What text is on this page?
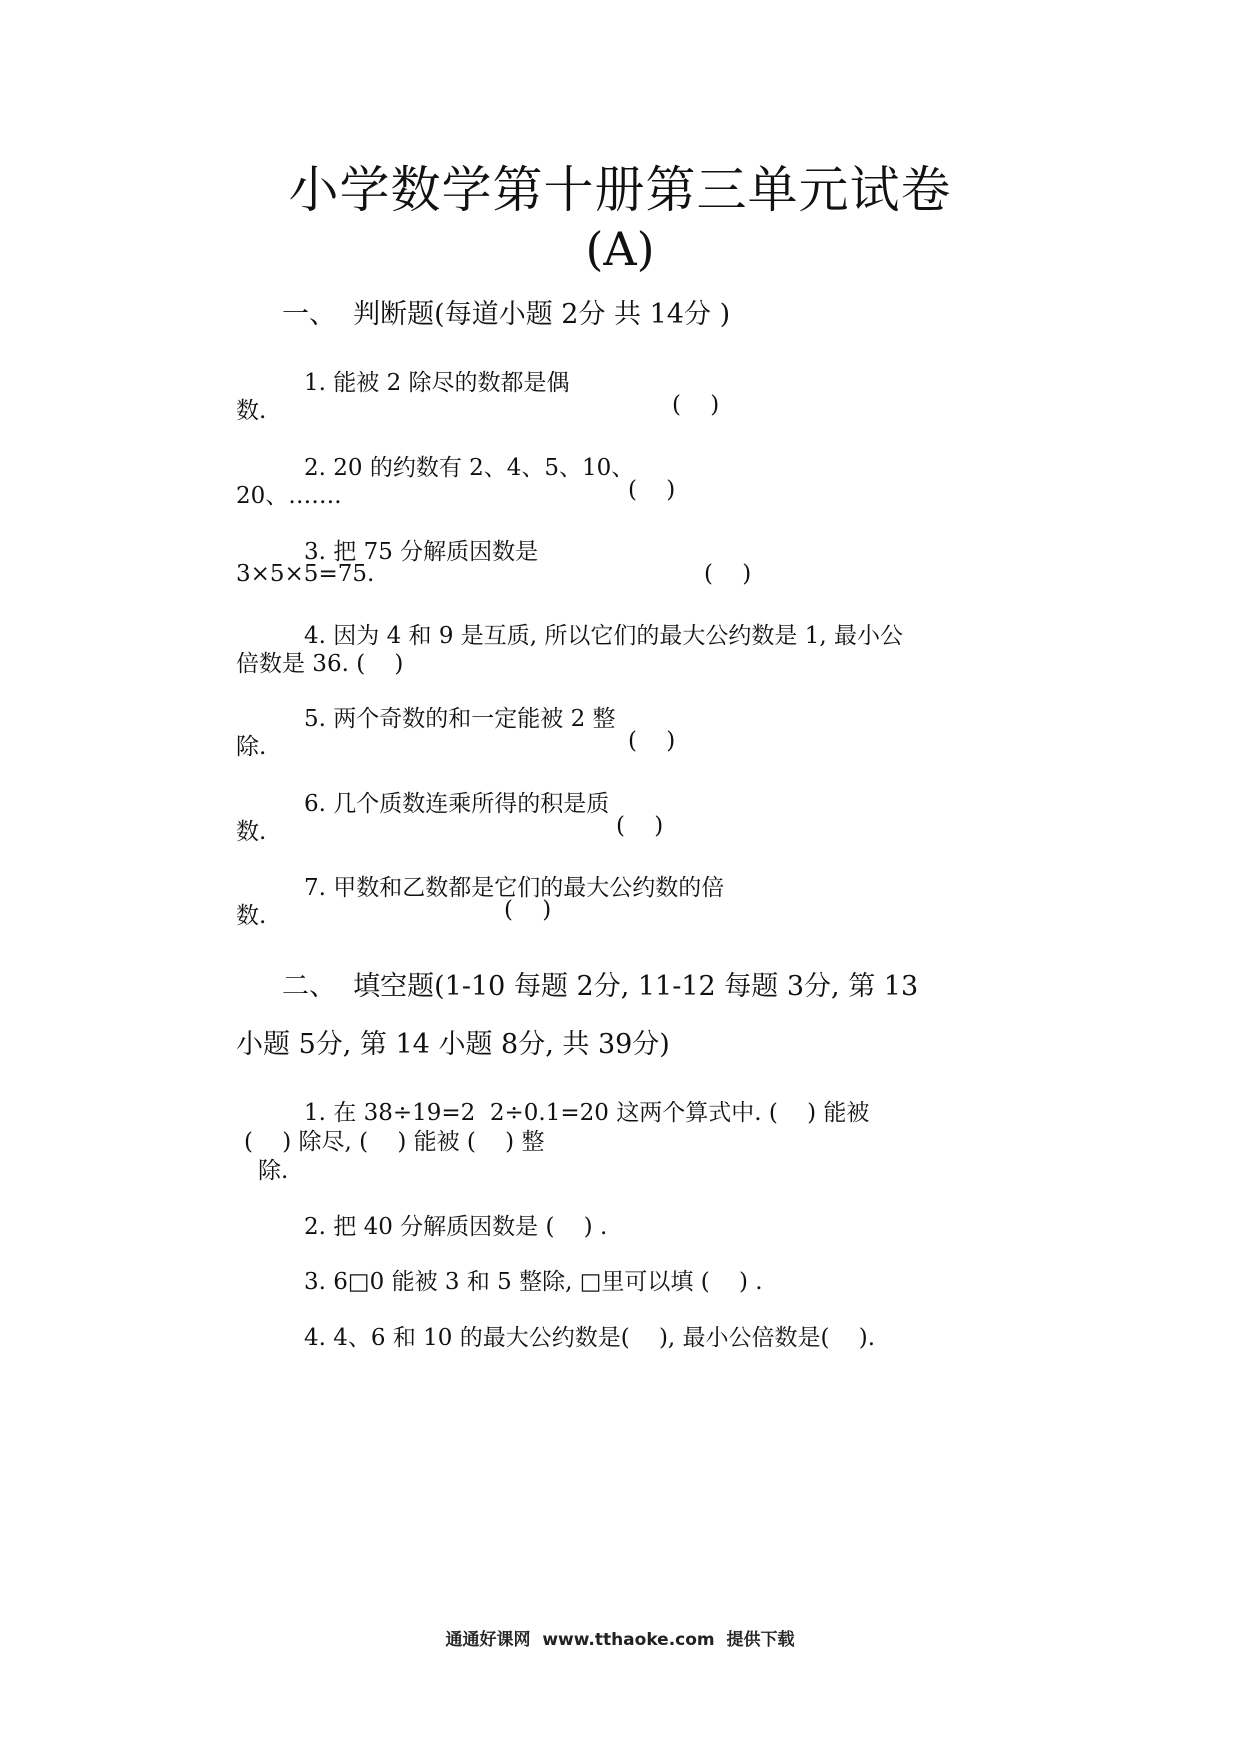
小学数学第十册第三单元试卷
(A)
一、  判断题(每道小题 2分 共 14分 )
1. 能被 2 除尽的数都是偶
数.	(    )
2. 20 的约数有 2、4、5、10、
20、…….	(    )
3. 把 75 分解质因数是
3×5×5=75.	(    )
4. 因为 4 和 9 是互质, 所以它们的最大公约数是 1, 最小公
倍数是 36. (    )
5. 两个奇数的和一定能被 2 整
除.	(    )
6. 几个质数连乘所得的积是质
数.	(    )
7. 甲数和乙数都是它们的最大公约数的倍
数.	(    )
二、  填空题(1-10 每题 2分, 11-12 每题 3分, 第 13
小题 5分, 第 14 小题 8分, 共 39分)
1. 在 38÷19=2  2÷0.1=20 这两个算式中. (    ) 能被
(    ) 除尽, (    ) 能被 (    ) 整
除.
2. 把 40 分解质因数是 (    ) .
3. 6□0 能被 3 和 5 整除, □里可以填 (    ) .
4. 4、6 和 10 的最大公约数是(    ), 最小公倍数是(    ).
通通好课网  www.tthaoke.com  提供下载
